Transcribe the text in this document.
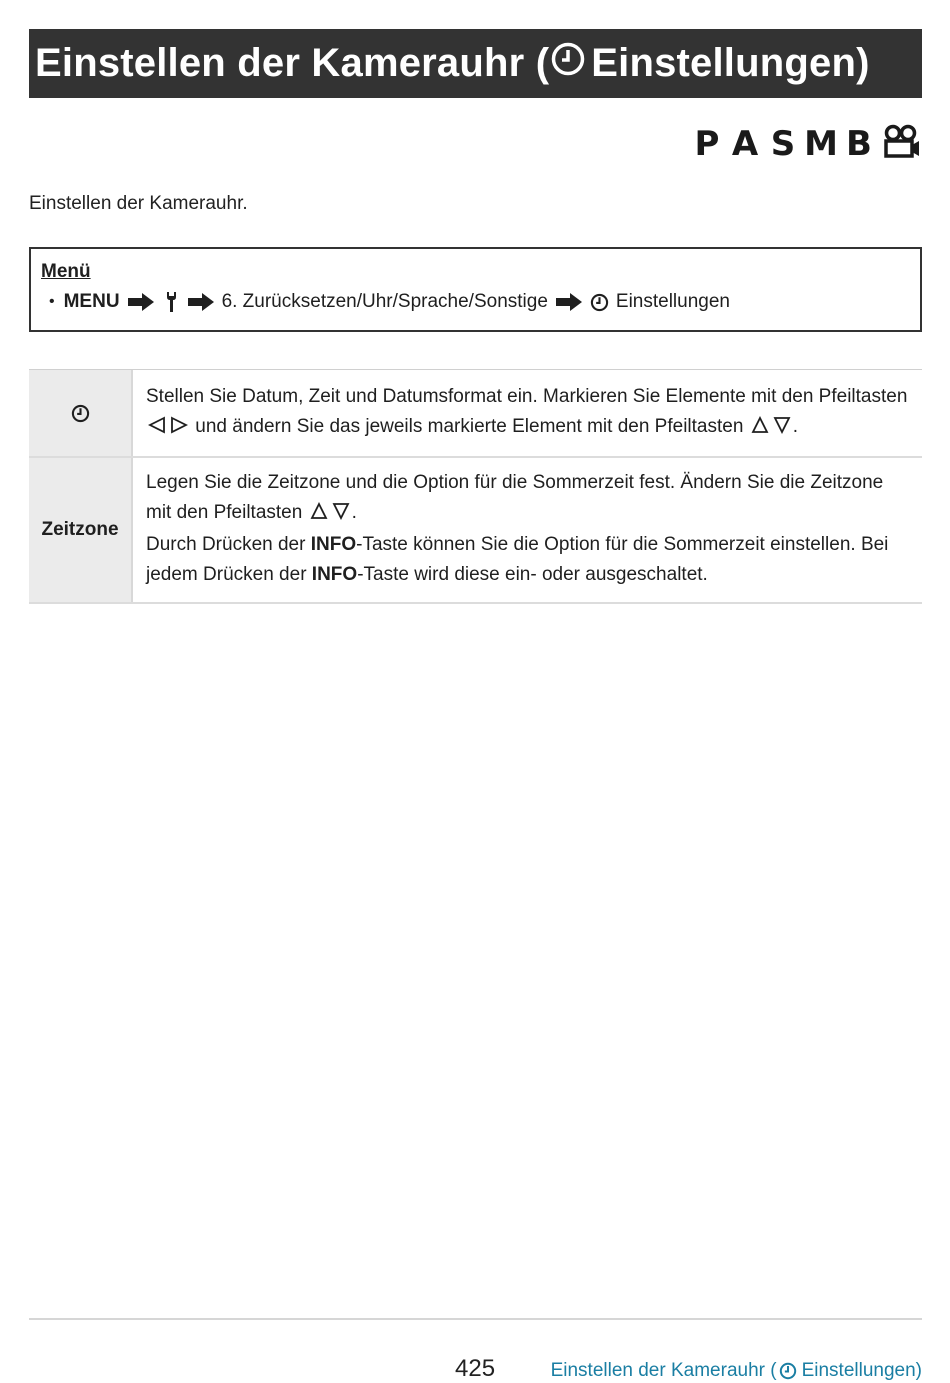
Einstellen der Kamerauhr ( Einstellungen)
P A S M B
Einstellen der Kamerauhr.
Menü
• MENU	6. Zurücksetzen/Uhr/Sprache/Sonstige	Einstellungen
Stellen Sie Datum, Zeit und Datumsformat ein. Markieren Sie Elemente mit den Pfeiltasten  und ändern Sie das jeweils markierte Element mit den Pfeiltasten .
Zeitzone
Legen Sie die Zeitzone und die Option für die Sommerzeit fest. Ändern Sie die Zeitzone mit den Pfeiltasten .
Durch Drücken der INFO-Taste können Sie die Option für die Sommerzeit einstellen. Bei jedem Drücken der INFO-Taste wird diese ein- oder ausgeschaltet.
425	Einstellen der Kamerauhr ( Einstellungen)
